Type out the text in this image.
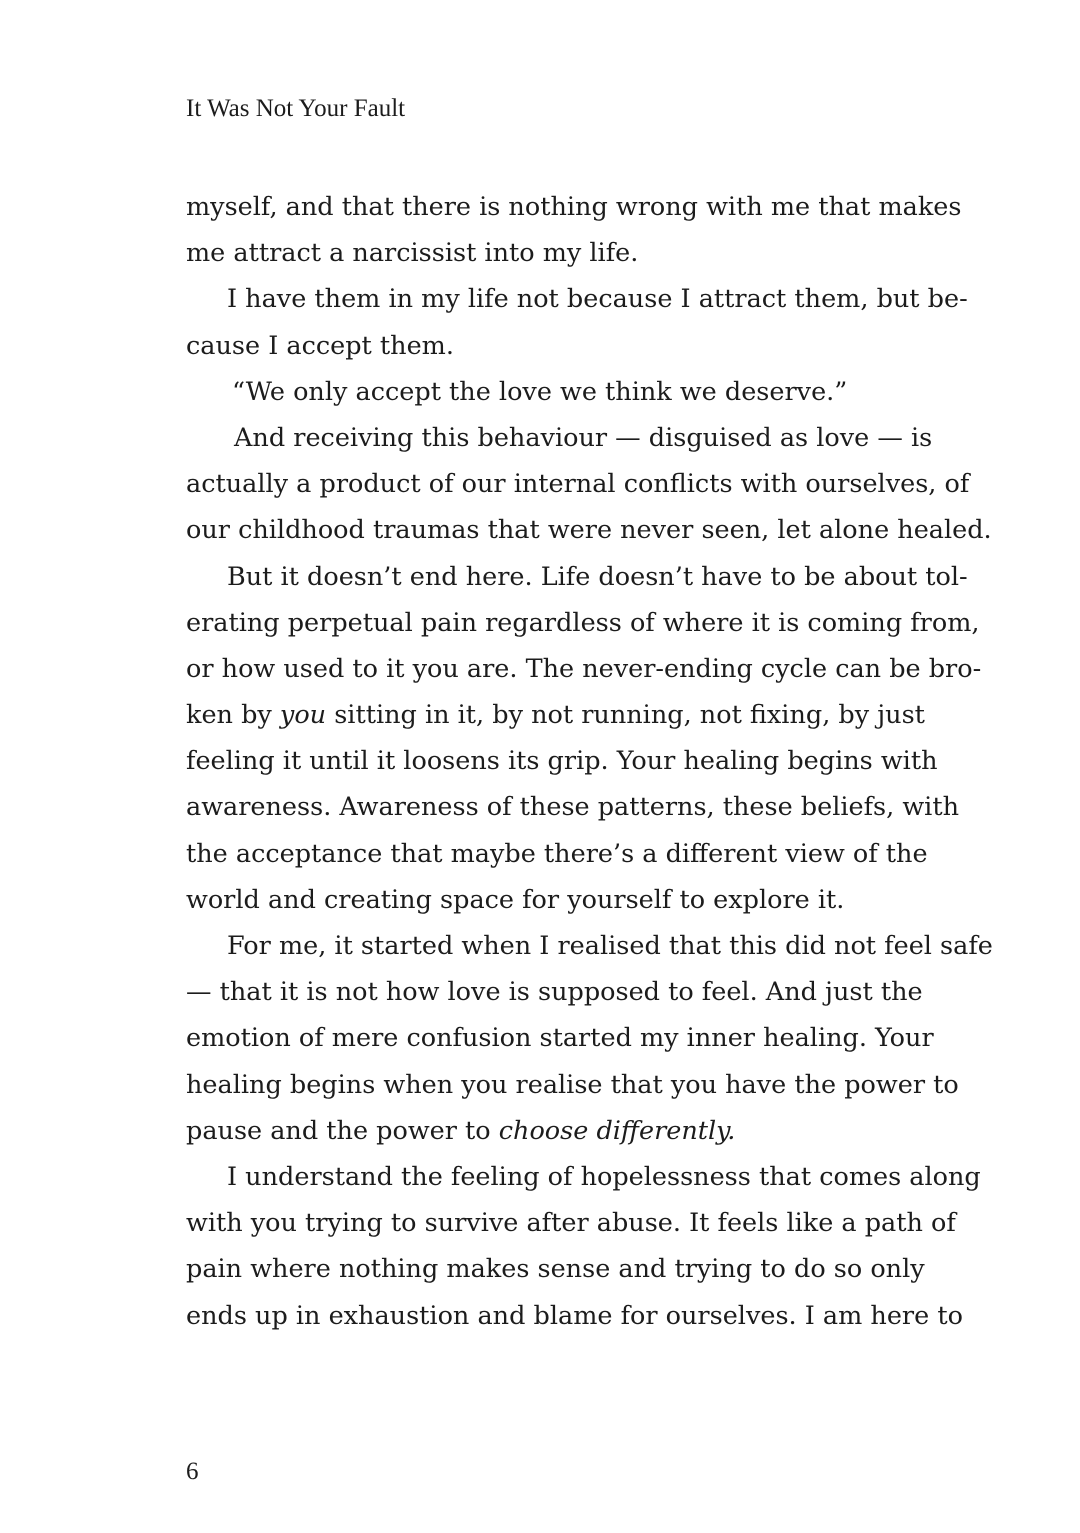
It Was Not Your Fault
myself, and that there is nothing wrong with me that makes
me attract a narcissist into my life.
I have them in my life not because I attract them, but be-
cause I accept them.
“We only accept the love we think we deserve.”
And receiving this behaviour — disguised as love — is
actually a product of our internal conflicts with ourselves, of
our childhood traumas that were never seen, let alone healed.
But it doesn’t end here. Life doesn’t have to be about tol-
erating perpetual pain regardless of where it is coming from,
or how used to it you are. The never-ending cycle can be bro-
ken by you sitting in it, by not running, not fixing, by just
feeling it until it loosens its grip. Your healing begins with
awareness. Awareness of these patterns, these beliefs, with
the acceptance that maybe there’s a different view of the
world and creating space for yourself to explore it.
For me, it started when I realised that this did not feel safe
— that it is not how love is supposed to feel. And just the
emotion of mere confusion started my inner healing. Your
healing begins when you realise that you have the power to
pause and the power to choose differently.
I understand the feeling of hopelessness that comes along
with you trying to survive after abuse. It feels like a path of
pain where nothing makes sense and trying to do so only
ends up in exhaustion and blame for ourselves. I am here to
6
